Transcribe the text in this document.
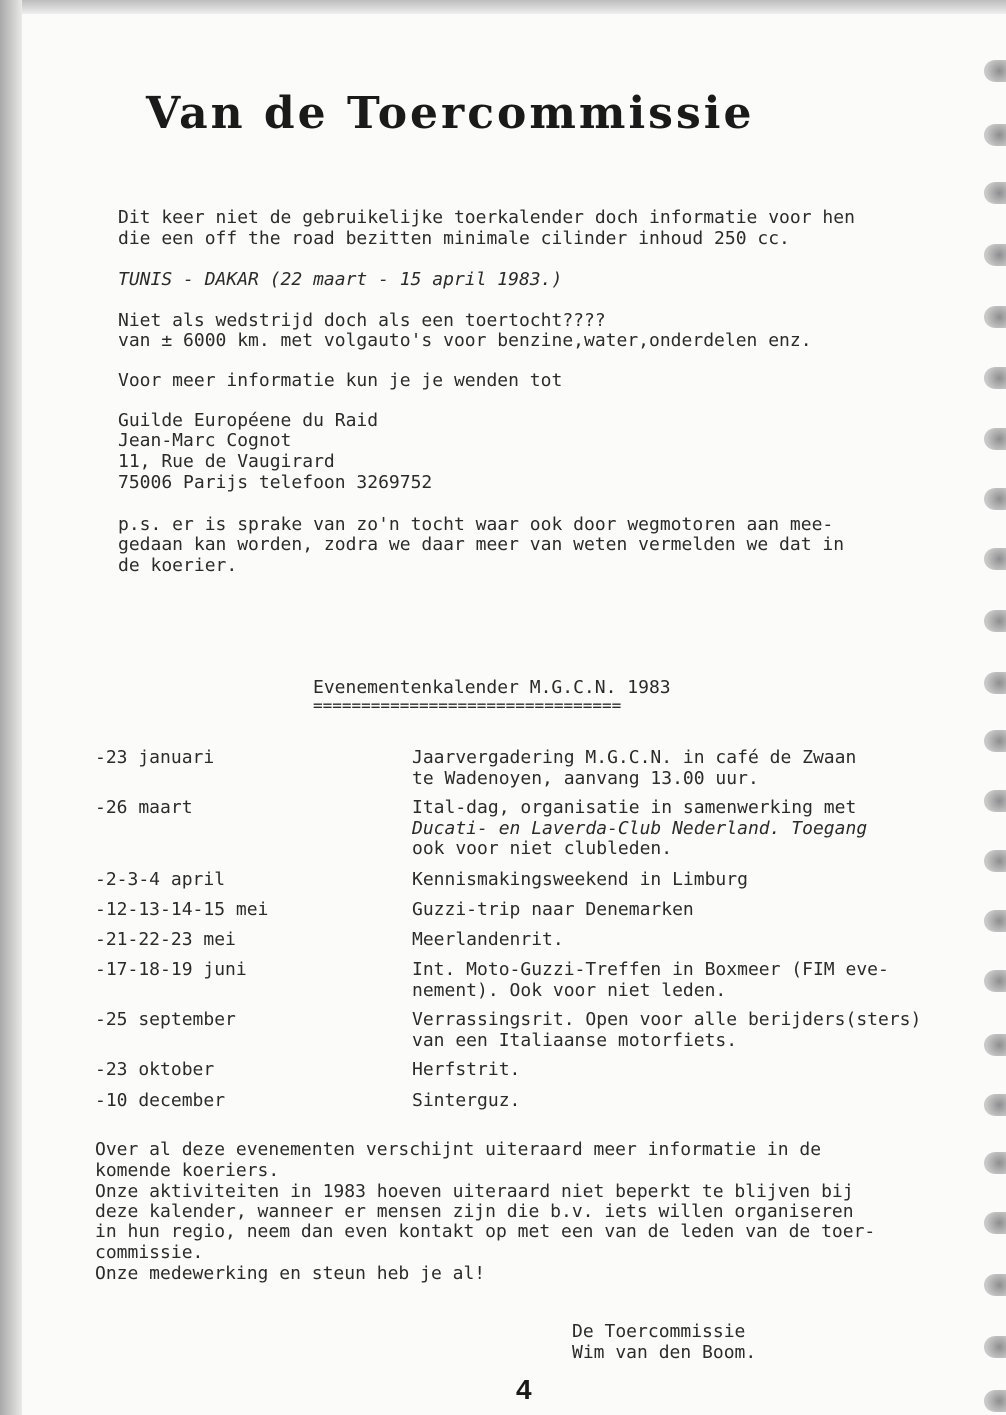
Van de Toercommissie
Dit keer niet de gebruikelijke toerkalender doch informatie voor hen
die een off the road bezitten minimale cilinder inhoud 250 cc.
TUNIS - DAKAR (22 maart - 15 april 1983.)
Niet als wedstrijd doch als een toertocht????
van ± 6000 km. met volgauto's voor benzine,water,onderdelen enz.
Voor meer informatie kun je je wenden tot
Guilde Européene du Raid
Jean-Marc Cognot
11, Rue de Vaugirard
75006 Parijs telefoon 3269752
p.s. er is sprake van zo'n tocht waar ook door wegmotoren aan mee-
gedaan kan worden, zodra we daar meer van weten vermelden we dat in
de koerier.
Evenementenkalender M.G.C.N. 1983
================================
-23 januari	Jaarvergadering M.G.C.N. in café de Zwaan
te Wadenoyen, aanvang 13.00 uur.
-26 maart	Ital-dag, organisatie in samenwerking met
Ducati- en Laverda-Club Nederland. Toegang
ook voor niet clubleden.
-2-3-4 april	Kennismakingsweekend in Limburg
-12-13-14-15 mei	Guzzi-trip naar Denemarken
-21-22-23 mei	Meerlandenrit.
-17-18-19 juni	Int. Moto-Guzzi-Treffen in Boxmeer (FIM eve-
nement). Ook voor niet leden.
-25 september	Verrassingsrit. Open voor alle berijders(sters)
van een Italiaanse motorfiets.
-23 oktober	Herfstrit.
-10 december	Sinterguz.
Over al deze evenementen verschijnt uiteraard meer informatie in de
komende koeriers.
Onze aktiviteiten in 1983 hoeven uiteraard niet beperkt te blijven bij
deze kalender, wanneer er mensen zijn die b.v. iets willen organiseren
in hun regio, neem dan even kontakt op met een van de leden van de toer-
commissie.
Onze medewerking en steun heb je al!
De Toercommissie
Wim van den Boom.
4
